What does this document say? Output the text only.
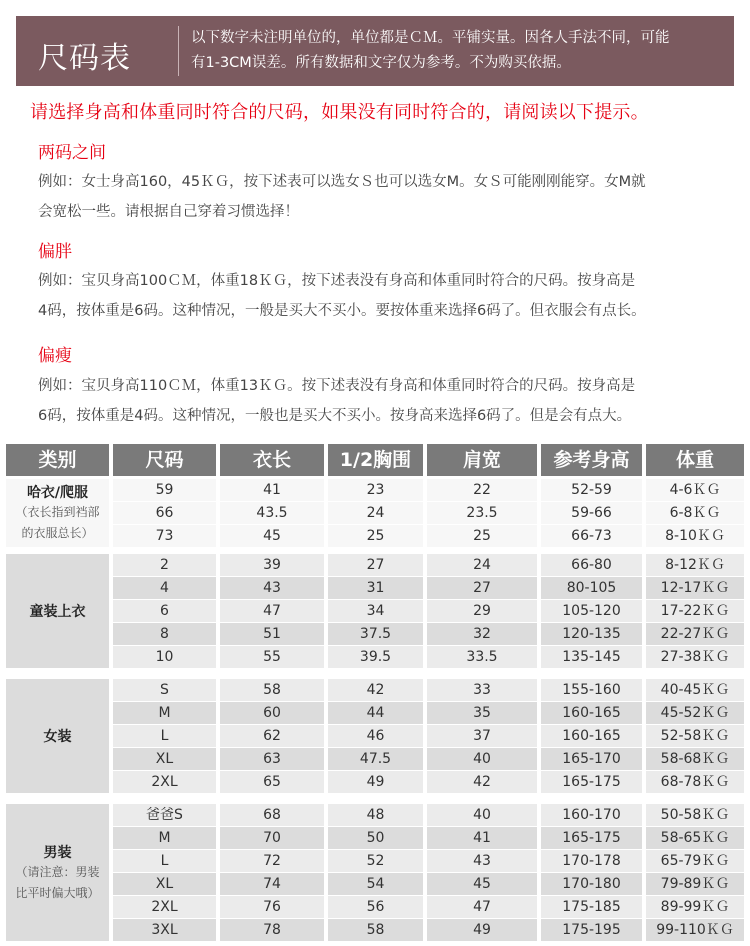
尺码表
以下数字未注明单位的，单位都是ＣＭ。平铺实量。因各人手法不同，可能
有1-3CM误差。所有数据和文字仅为参考。不为购买依据。
请选择身高和体重同时符合的尺码，如果没有同时符合的，请阅读以下提示。
两码之间
例如：女士身高160，45ＫＧ，按下述表可以选女Ｓ也可以选女M。女Ｓ可能刚刚能穿。女M就
会宽松一些。请根据自己穿着习惯选择！
偏胖
例如：宝贝身高100ＣＭ，体重18ＫＧ，按下述表没有身高和体重同时符合的尺码。按身高是
4码，按体重是6码。这种情况，一般是买大不买小。要按体重来选择6码了。但衣服会有点长。
偏瘦
例如：宝贝身高110ＣＭ，体重13ＫＧ。按下述表没有身高和体重同时符合的尺码。按身高是
6码，按体重是4码。这种情况，一般也是买大不买小。按身高来选择6码了。但是会有点大。
类别	尺码	衣长	1/2胸围	肩宽	参考身高	体重
哈衣/爬服
（衣长指到裆部
的衣服总长）
59	41	23	22	52-59	4-6ＫＧ
66	43.5	24	23.5	59-66	6-8ＫＧ
73	45	25	25	66-73	8-10ＫＧ
童装上衣
2	39	27	24	66-80	8-12ＫＧ
4	43	31	27	80-105	12-17ＫＧ
6	47	34	29	105-120	17-22ＫＧ
8	51	37.5	32	120-135	22-27ＫＧ
10	55	39.5	33.5	135-145	27-38ＫＧ
女装
S	58	42	33	155-160	40-45ＫＧ
M	60	44	35	160-165	45-52ＫＧ
L	62	46	37	160-165	52-58ＫＧ
XL	63	47.5	40	165-170	58-68ＫＧ
2XL	65	49	42	165-175	68-78ＫＧ
男装
（请注意：男装
比平时偏大哦）
爸爸S	68	48	40	160-170	50-58ＫＧ
M	70	50	41	165-175	58-65ＫＧ
L	72	52	43	170-178	65-79ＫＧ
XL	74	54	45	170-180	79-89ＫＧ
2XL	76	56	47	175-185	89-99ＫＧ
3XL	78	58	49	175-195	99-110ＫＧ
